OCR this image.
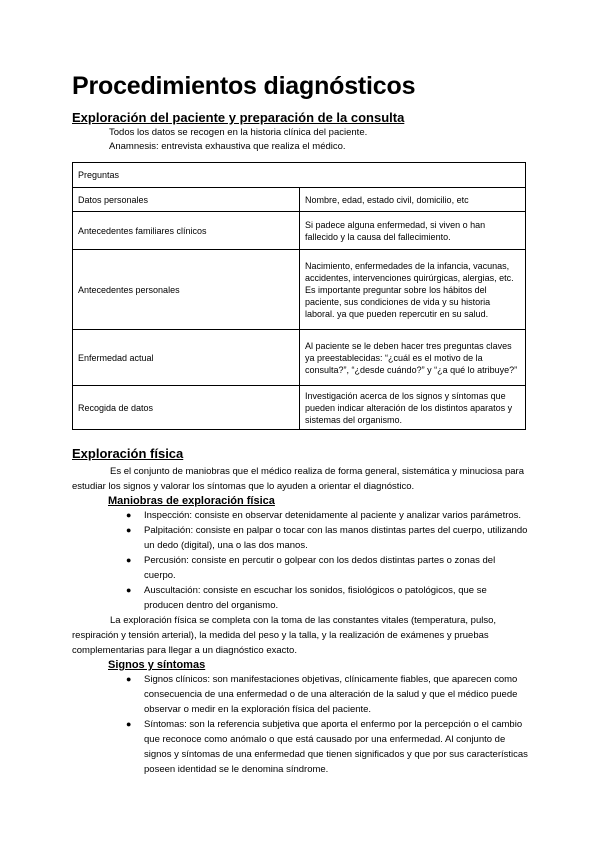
Procedimientos diagnósticos
Exploración del paciente y preparación de la consulta
Todos los datos se recogen en la historia clínica del paciente.
Anamnesis: entrevista exhaustiva que realiza el médico.
Preguntas	
Datos personales	Nombre, edad, estado civil, domicilio, etc
Antecedentes familiares clínicos	Si padece alguna enfermedad, si viven o han fallecido y la causa del fallecimiento.
Antecedentes personales	Nacimiento, enfermedades de la infancia, vacunas, accidentes, intervenciones quirúrgicas, alergias, etc. Es importante preguntar sobre los hábitos del paciente, sus condiciones de vida y su historia laboral. ya que pueden repercutir en su salud.
Enfermedad actual	Al paciente se le deben hacer tres preguntas claves ya preestablecidas: “¿cuál es el motivo de la consulta?”, “¿desde cuándo?” y “¿a qué lo atribuye?”
Recogida de datos	Investigación acerca de los signos y síntomas que pueden indicar alteración de los distintos aparatos y sistemas del organismo.
Exploración física
Es el conjunto de maniobras que el médico realiza de forma general, sistemática y minuciosa para estudiar los signos y valorar los síntomas que lo ayuden a orientar el diagnóstico.
Maniobras de exploración física
● Inspección: consiste en observar detenidamente al paciente y analizar varios parámetros.
● Palpitación: consiste en palpar o tocar con las manos distintas partes del cuerpo, utilizando un dedo (digital), una o las dos manos.
● Percusión: consiste en percutir o golpear con los dedos distintas partes o zonas del cuerpo.
● Auscultación: consiste en escuchar los sonidos, fisiológicos o patológicos, que se producen dentro del organismo.
La exploración física se completa con la toma de las constantes vitales (temperatura, pulso, respiración y tensión arterial), la medida del peso y la talla, y la realización de exámenes y pruebas complementarias para llegar a un diagnóstico exacto.
Signos y síntomas
● Signos clínicos: son manifestaciones objetivas, clínicamente fiables, que aparecen como consecuencia de una enfermedad o de una alteración de la salud y que el médico puede observar o medir en la exploración física del paciente.
● Síntomas: son la referencia subjetiva que aporta el enfermo por la percepción o el cambio que reconoce como anómalo o que está causado por una enfermedad. Al conjunto de signos y síntomas de una enfermedad que tienen significados y que por sus características poseen identidad se le denomina síndrome.
